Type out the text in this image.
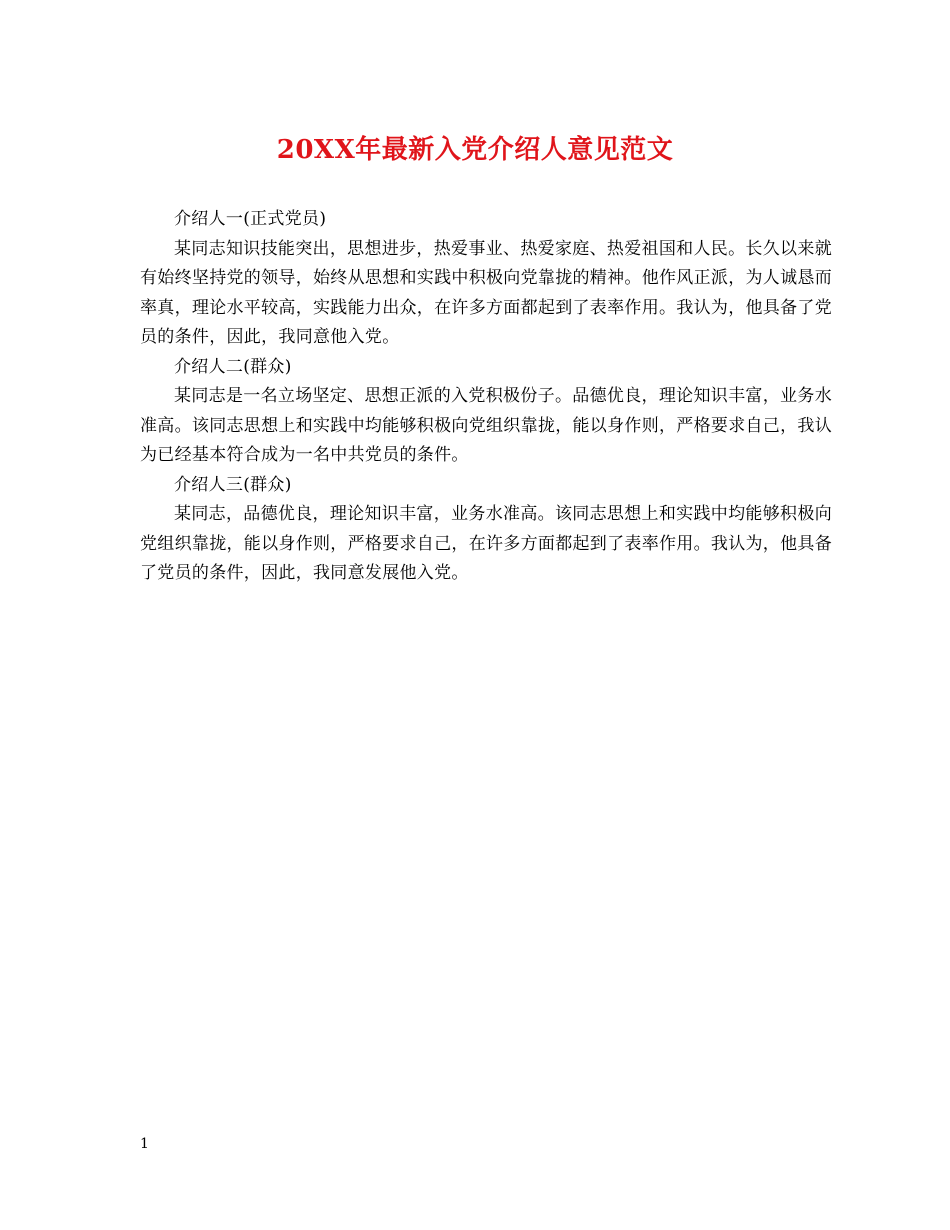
20XX年最新入党介绍人意见范文

介绍人一(正式党员)

某同志知识技能突出，思想进步，热爱事业、热爱家庭、热爱祖国和人民。长久以来就有始终坚持党的领导，始终从思想和实践中积极向党靠拢的精神。他作风正派，为人诚恳而率真，理论水平较高，实践能力出众，在许多方面都起到了表率作用。我认为，他具备了党员的条件，因此，我同意他入党。

介绍人二(群众)

某同志是一名立场坚定、思想正派的入党积极份子。品德优良，理论知识丰富，业务水准高。该同志思想上和实践中均能够积极向党组织靠拢，能以身作则，严格要求自己，我认为已经基本符合成为一名中共党员的条件。

介绍人三(群众)

某同志，品德优良，理论知识丰富，业务水准高。该同志思想上和实践中均能够积极向党组织靠拢，能以身作则，严格要求自己，在许多方面都起到了表率作用。我认为，他具备了党员的条件，因此，我同意发展他入党。

1
